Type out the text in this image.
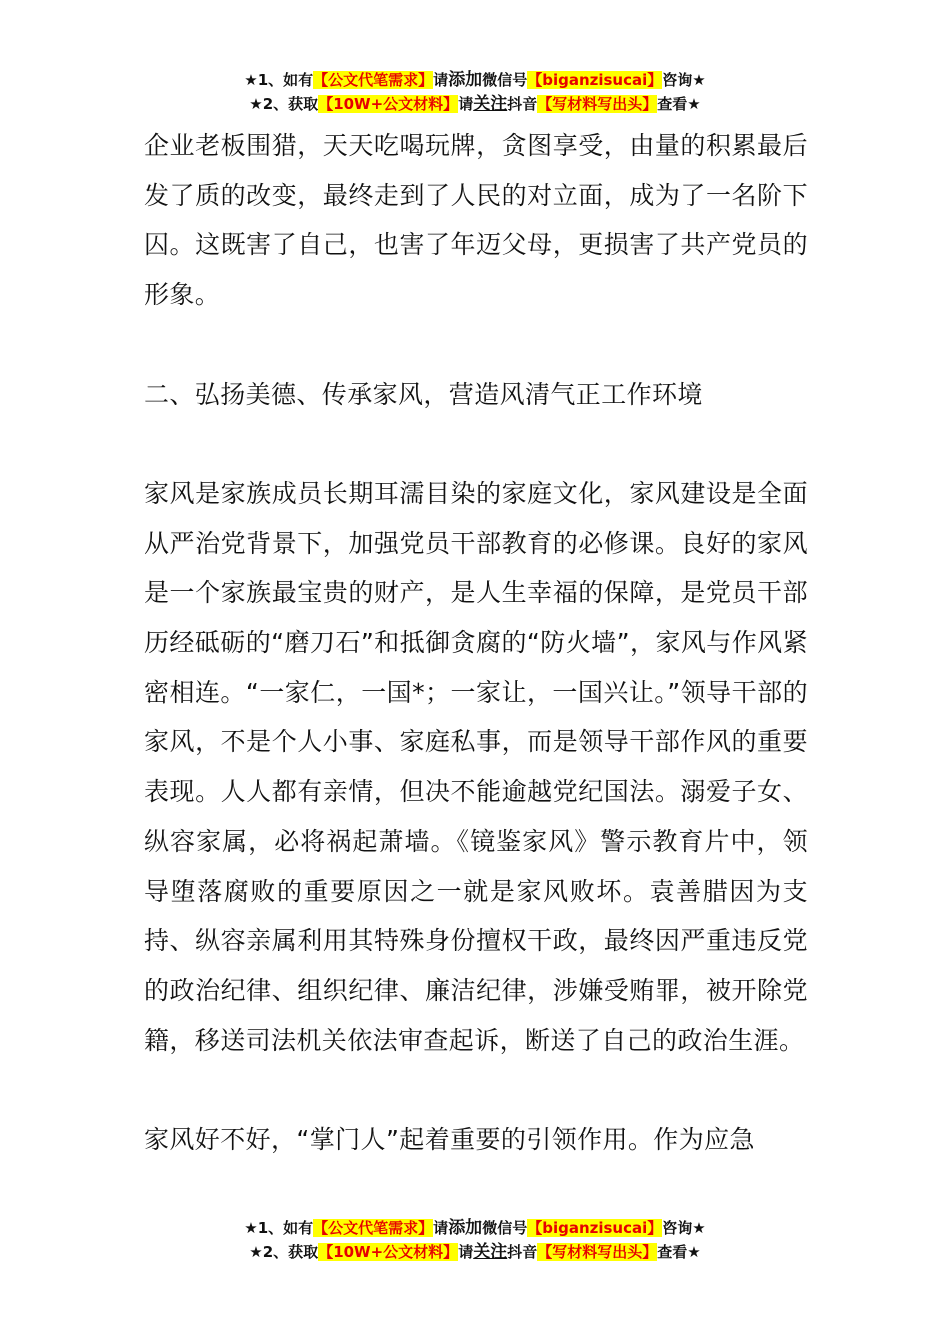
★1、如有【公文代笔需求】请添加微信号【biganzisucai】咨询★
★2、获取【10W+公文材料】请关注抖音【写材料写出头】查看★

企业老板围猎，天天吃喝玩牌，贪图享受，由量的积累最后发了质的改变，最终走到了人民的对立面，成为了一名阶下囚。这既害了自己，也害了年迈父母，更损害了共产党员的形象。

二、弘扬美德、传承家风，营造风清气正工作环境

家风是家族成员长期耳濡目染的家庭文化，家风建设是全面从严治党背景下，加强党员干部教育的必修课。良好的家风是一个家族最宝贵的财产，是人生幸福的保障，是党员干部历经砥砺的“磨刀石”和抵御贪腐的“防火墙”，家风与作风紧密相连。“一家仁，一国*；一家让，一国兴让。”领导干部的家风，不是个人小事、家庭私事，而是领导干部作风的重要表现。人人都有亲情，但决不能逾越党纪国法。溺爱子女、纵容家属，必将祸起萧墙。《镜鉴家风》警示教育片中，领导堕落腐败的重要原因之一就是家风败坏。袁善腊因为支持、纵容亲属利用其特殊身份擅权干政，最终因严重违反党的政治纪律、组织纪律、廉洁纪律，涉嫌受贿罪，被开除党籍，移送司法机关依法审查起诉，断送了自己的政治生涯。

家风好不好，“掌门人”起着重要的引领作用。作为应急

★1、如有【公文代笔需求】请添加微信号【biganzisucai】咨询★
★2、获取【10W+公文材料】请关注抖音【写材料写出头】查看★
